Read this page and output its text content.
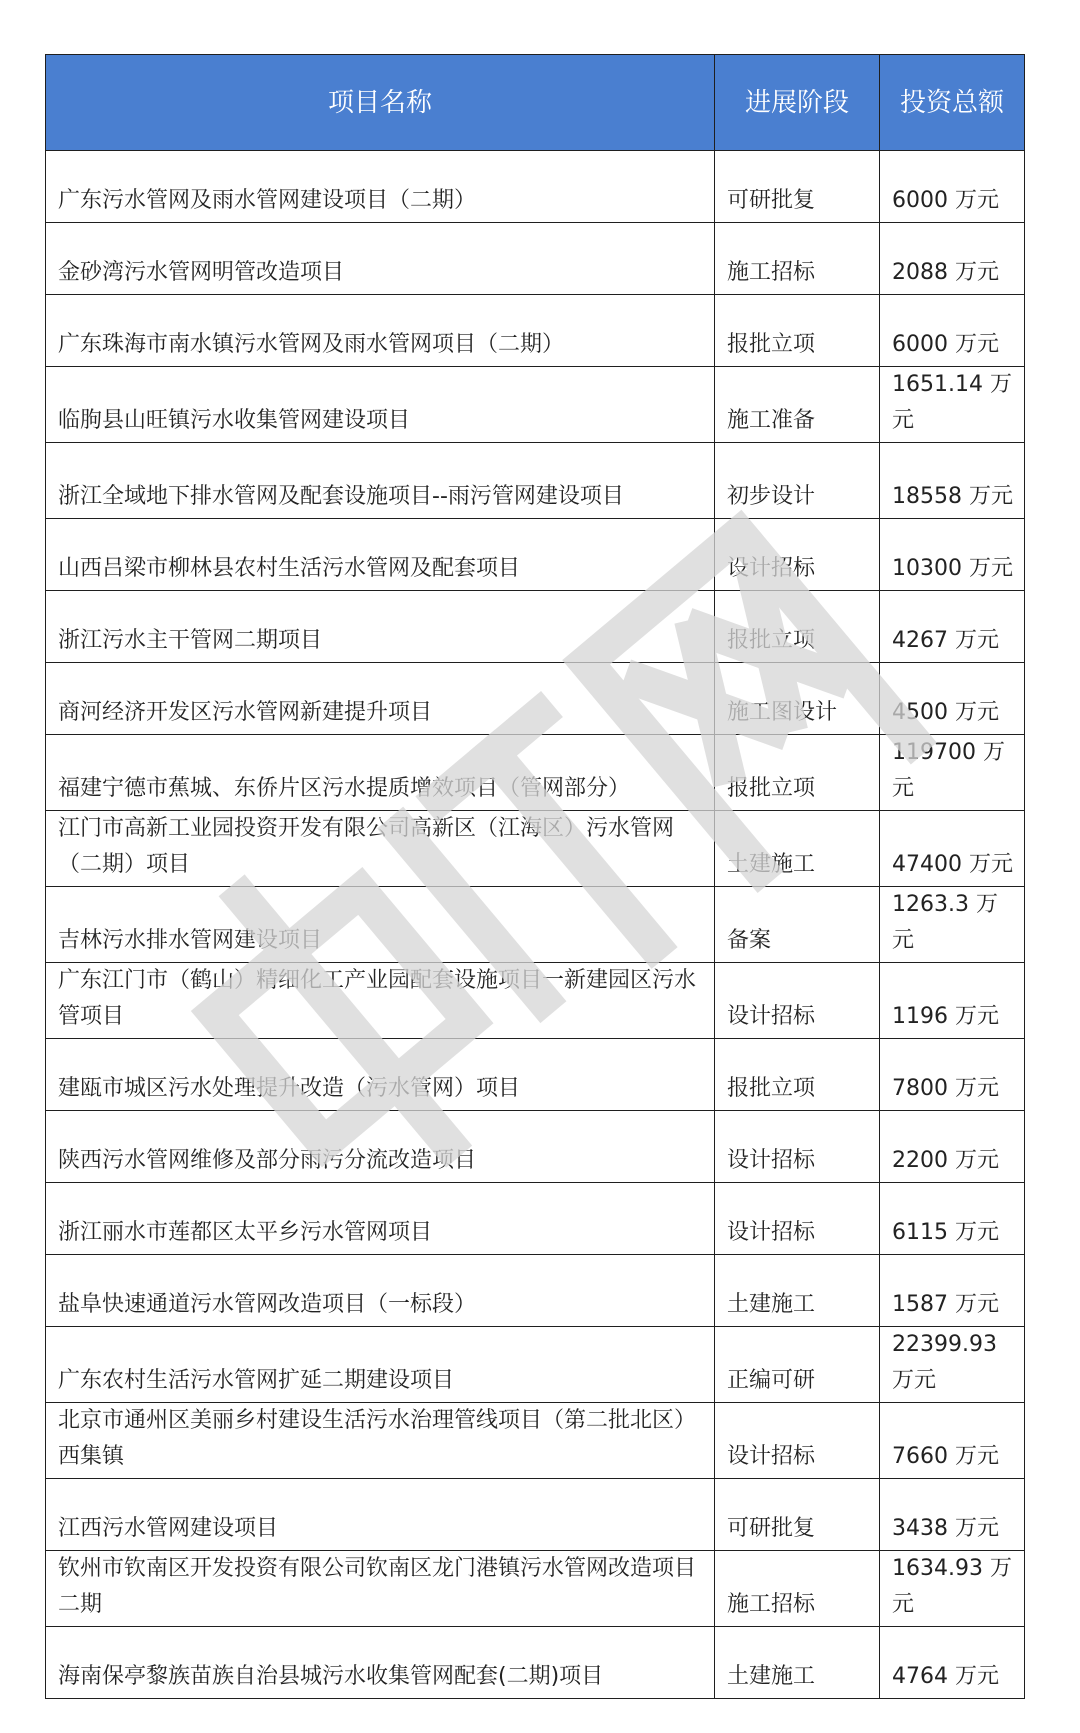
项目名称	进展阶段	投资总额
广东污水管网及雨水管网建设项目（二期）	可研批复	6000 万元
金砂湾污水管网明管改造项目	施工招标	2088 万元
广东珠海市南水镇污水管网及雨水管网项目（二期）	报批立项	6000 万元
临朐县山旺镇污水收集管网建设项目	施工准备	1651.14 万元
浙江全域地下排水管网及配套设施项目--雨污管网建设项目	初步设计	18558 万元
山西吕梁市柳林县农村生活污水管网及配套项目	设计招标	10300 万元
浙江污水主干管网二期项目	报批立项	4267 万元
商河经济开发区污水管网新建提升项目	施工图设计	4500 万元
福建宁德市蕉城、东侨片区污水提质增效项目（管网部分）	报批立项	119700 万元
江门市高新工业园投资开发有限公司高新区（江海区）污水管网（二期）项目	土建施工	47400 万元
吉林污水排水管网建设项目	备案	1263.3 万元
广东江门市（鹤山）精细化工产业园配套设施项目一新建园区污水管项目	设计招标	1196 万元
建瓯市城区污水处理提升改造（污水管网）项目	报批立项	7800 万元
陕西污水管网维修及部分雨污分流改造项目	设计招标	2200 万元
浙江丽水市莲都区太平乡污水管网项目	设计招标	6115 万元
盐阜快速通道污水管网改造项目（一标段）	土建施工	1587 万元
广东农村生活污水管网扩延二期建设项目	正编可研	22399.93 万元
北京市通州区美丽乡村建设生活污水治理管线项目（第二批北区）西集镇	设计招标	7660 万元
江西污水管网建设项目	可研批复	3438 万元
钦州市钦南区开发投资有限公司钦南区龙门港镇污水管网改造项目二期	施工招标	1634.93 万元
海南保亭黎族苗族自治县城污水收集管网配套(二期)项目	土建施工	4764 万元
